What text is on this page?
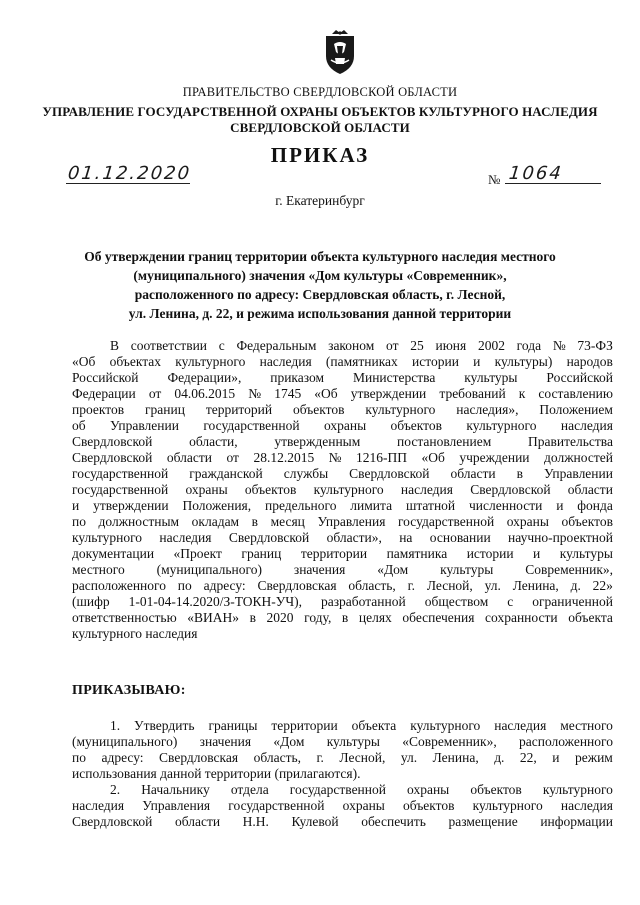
ПРАВИТЕЛЬСТВО СВЕРДЛОВСКОЙ ОБЛАСТИ
УПРАВЛЕНИЕ ГОСУДАРСТВЕННОЙ ОХРАНЫ ОБЪЕКТОВ КУЛЬТУРНОГО НАСЛЕДИЯ
СВЕРДЛОВСКОЙ ОБЛАСТИ
ПРИКАЗ
01.12.2020	№ 1064
г. Екатеринбург
Об утверждении границ территории объекта культурного наследия местного
(муниципального) значения «Дом культуры «Современник»,
расположенного по адресу: Свердловская область, г. Лесной,
ул. Ленина, д. 22, и режима использования данной территории
В соответствии с Федеральным законом от 25 июня 2002 года № 73-ФЗ
«Об объектах культурного наследия (памятниках истории и культуры) народов
Российской Федерации», приказом Министерства культуры Российской
Федерации от 04.06.2015 № 1745 «Об утверждении требований к составлению
проектов границ территорий объектов культурного наследия», Положением
об Управлении государственной охраны объектов культурного наследия
Свердловской	области,	утвержденным	постановлением	Правительства
Свердловской области от 28.12.2015 № 1216-ПП «Об учреждении должностей
государственной гражданской службы Свердловской области в Управлении
государственной охраны объектов культурного наследия Свердловской области
и утверждении Положения, предельного лимита штатной численности и фонда
по должностным окладам в месяц Управления государственной охраны объектов
культурного наследия Свердловской области», на основании научно-проектной
документации «Проект границ территории памятника истории и культуры
местного (муниципального) значения «Дом культуры Современник»,
расположенного по адресу: Свердловская область, г. Лесной, ул. Ленина, д. 22»
(шифр 1-01-04-14.2020/З-ТОКН-УЧ), разработанной обществом с ограниченной
ответственностью «ВИАН» в 2020 году, в целях обеспечения сохранности объекта
культурного наследия
ПРИКАЗЫВАЮ:
1. Утвердить границы территории объекта культурного наследия местного
(муниципального) значения «Дом культуры «Современник», расположенного
по адресу: Свердловская область, г. Лесной, ул. Ленина, д. 22, и режим
использования данной территории (прилагаются).
2. Начальнику отдела государственной охраны объектов культурного
наследия Управления государственной охраны объектов культурного наследия
Свердловской области Н.Н. Кулевой обеспечить размещение информации
